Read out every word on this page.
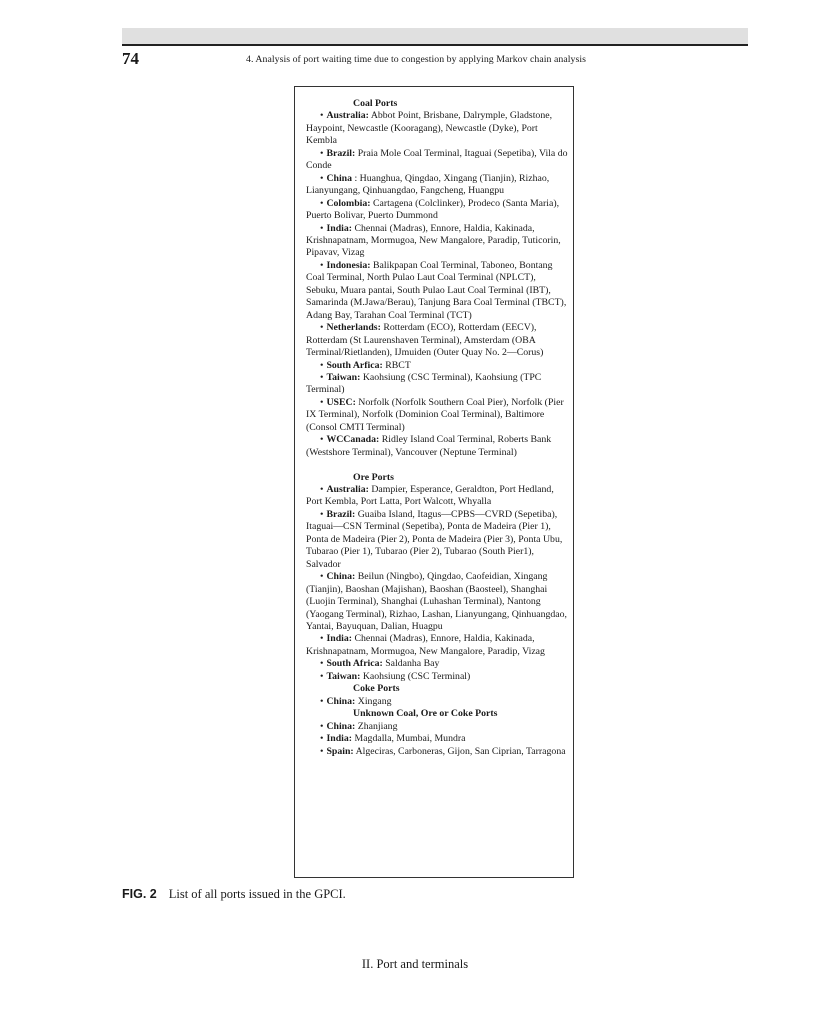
74	4. Analysis of port waiting time due to congestion by applying Markov chain analysis

Coal Ports

• Australia: Abbot Point, Brisbane, Dalrymple, Gladstone, Haypoint, Newcastle (Kooragang), Newcastle (Dyke), Port Kembla

• Brazil: Praia Mole Coal Terminal, Itaguai (Sepetiba), Vila do Conde

• China : Huanghua, Qingdao, Xingang (Tianjin), Rizhao, Lianyungang, Qinhuangdao, Fangcheng, Huangpu

• Colombia: Cartagena (Colclinker), Prodeco (Santa Maria), Puerto Bolivar, Puerto Dummond

• India: Chennai (Madras), Ennore, Haldia, Kakinada, Krishnapatnam, Mormugoa, New Mangalore, Paradip, Tuticorin, Pipavav, Vizag

• Indonesia: Balikpapan Coal Terminal, Taboneo, Bontang Coal Terminal, North Pulao Laut Coal Terminal (NPLCT), Sebuku, Muara pantai, South Pulao Laut Coal Terminal (IBT), Samarinda (M.Jawa/Berau), Tanjung Bara Coal Terminal (TBCT), Adang Bay, Tarahan Coal Terminal (TCT)

• Netherlands: Rotterdam (ECO), Rotterdam (EECV), Rotterdam (St Laurenshaven Terminal), Amsterdam (OBA Terminal/Rietlanden), IJmuiden (Outer Quay No. 2—Corus)

• South Arfica: RBCT

• Taiwan: Kaohsiung (CSC Terminal), Kaohsiung (TPC Terminal)

• USEC: Norfolk (Norfolk Southern Coal Pier), Norfolk (Pier IX Terminal), Norfolk (Dominion Coal Terminal), Baltimore (Consol CMTI Terminal)

• WCCanada: Ridley Island Coal Terminal, Roberts Bank (Westshore Terminal), Vancouver (Neptune Terminal)

Ore Ports

• Australia: Dampier, Esperance, Geraldton, Port Hedland, Port Kembla, Port Latta, Port Walcott, Whyalla

• Brazil: Guaiba Island, Itagus—CPBS—CVRD (Sepetiba), Itaguai—CSN Terminal (Sepetiba), Ponta de Madeira (Pier 1), Ponta de Madeira (Pier 2), Ponta de Madeira (Pier 3), Ponta Ubu, Tubarao (Pier 1), Tubarao (Pier 2), Tubarao (South Pier1), Salvador

• China: Beilun (Ningbo), Qingdao, Caofeidian, Xingang (Tianjin), Baoshan (Majishan), Baoshan (Baosteel), Shanghai (Luojin Terminal), Shanghai (Luhashan Terminal), Nantong (Yaogang Terminal), Rizhao, Lashan, Lianyungang, Qinhuangdao, Yantai, Bayuquan, Dalian, Huagpu

• India: Chennai (Madras), Ennore, Haldia, Kakinada, Krishnapatnam, Mormugoa, New Mangalore, Paradip, Vizag

• South Africa: Saldanha Bay

• Taiwan: Kaohsiung (CSC Terminal)

Coke Ports

• China: Xingang

Unknown Coal, Ore or Coke Ports

• China: Zhanjiang

• India: Magdalla, Mumbai, Mundra

• Spain: Algeciras, Carboneras, Gijon, San Ciprian, Tarragona

FIG. 2 List of all ports issued in the GPCI.
II. Port and terminals
